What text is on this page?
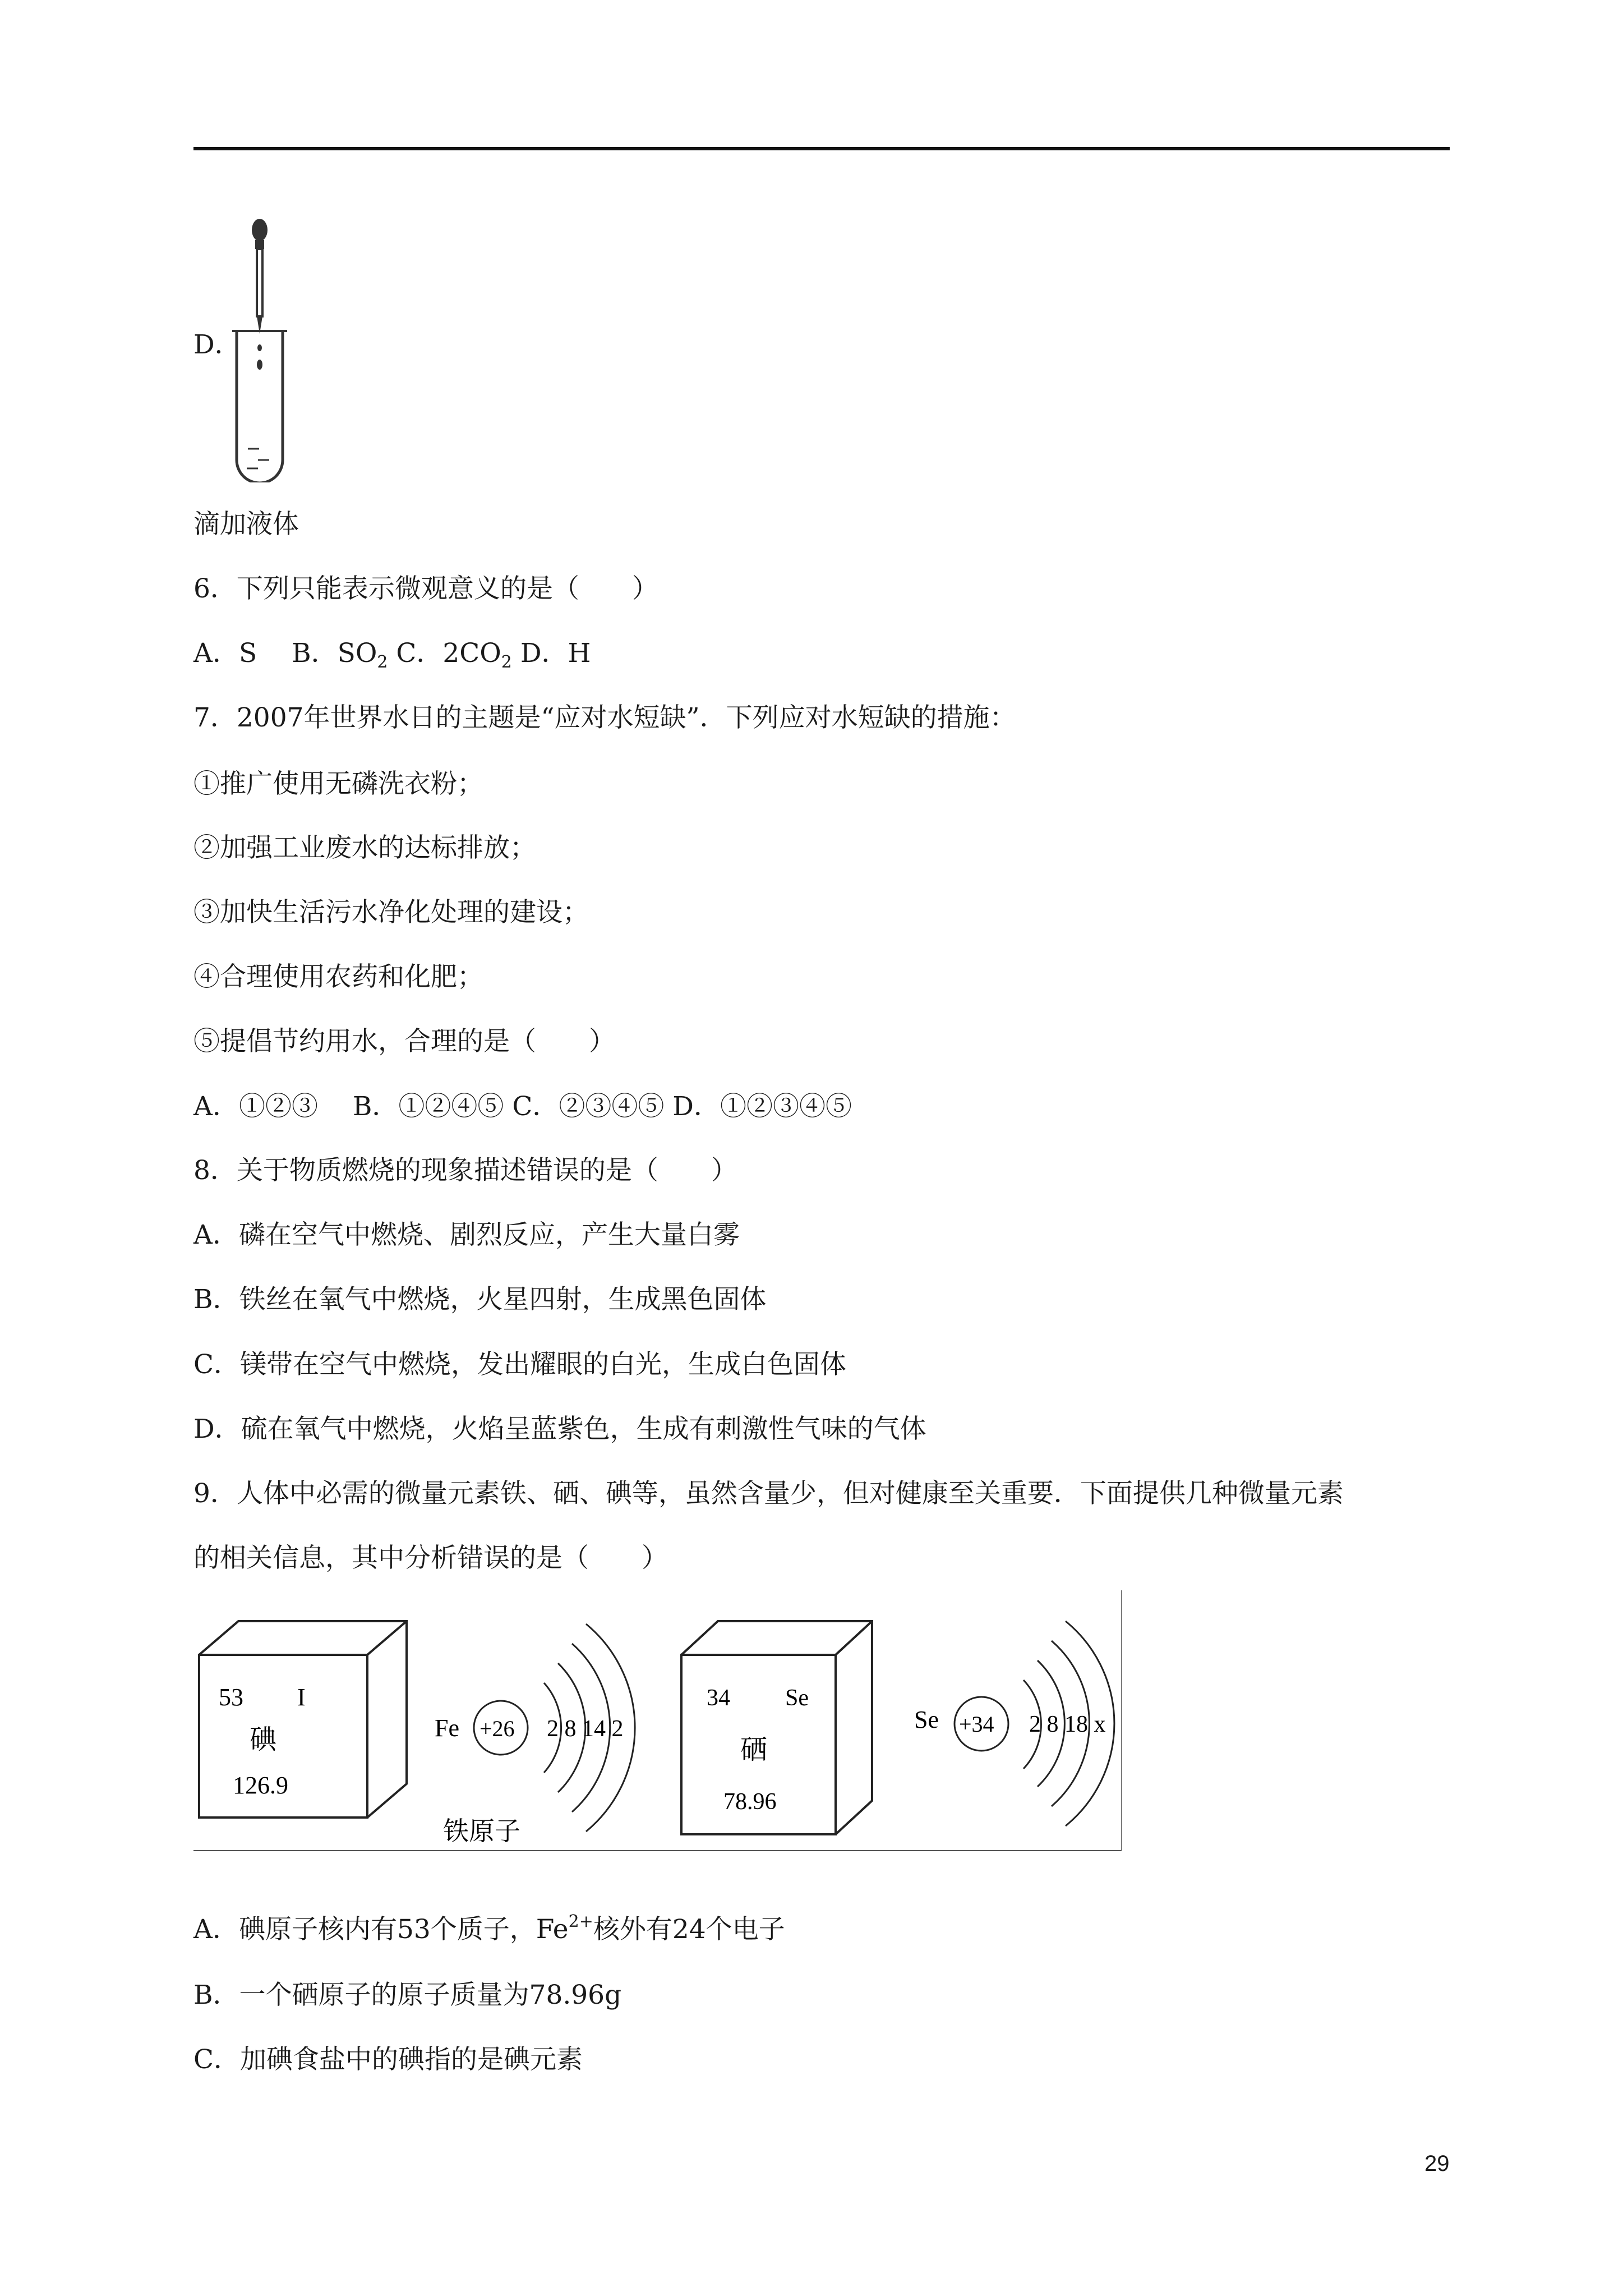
D．
滴加液体
6．下列只能表示微观意义的是（　　）
A．S　 B．$SO_2$ C．$2CO_2$ D．H
7．2007年世界水日的主题是“应对水短缺”．下列应对水短缺的措施：
①推广使用无磷洗衣粉；
②加强工业废水的达标排放；
③加快生活污水净化处理的建设；
④合理使用农药和化肥；
⑤提倡节约用水，合理的是（　　）
A．①②③　 B．①②④⑤ C．②③④⑤ D．①②③④⑤
8．关于物质燃烧的现象描述错误的是（　　）
A．磷在空气中燃烧、剧烈反应，产生大量白雾
B．铁丝在氧气中燃烧，火星四射，生成黑色固体
C．镁带在空气中燃烧，发出耀眼的白光，生成白色固体
D．硫在氧气中燃烧，火焰呈蓝紫色，生成有刺激性气味的气体
9．人体中必需的微量元素铁、硒、碘等，虽然含量少，但对健康至关重要．下面提供几种微量元素
的相关信息，其中分析错误的是（　　）
53 I
碘
126.9
Fe +26 2 8 14 2
铁原子
34 Se
硒
78.96
Se +34 2 8 18 x
A．碘原子核内有53个质子，$Fe^{2+}$核外有24个电子
B．一个硒原子的原子质量为78.96g
C．加碘食盐中的碘指的是碘元素
29
